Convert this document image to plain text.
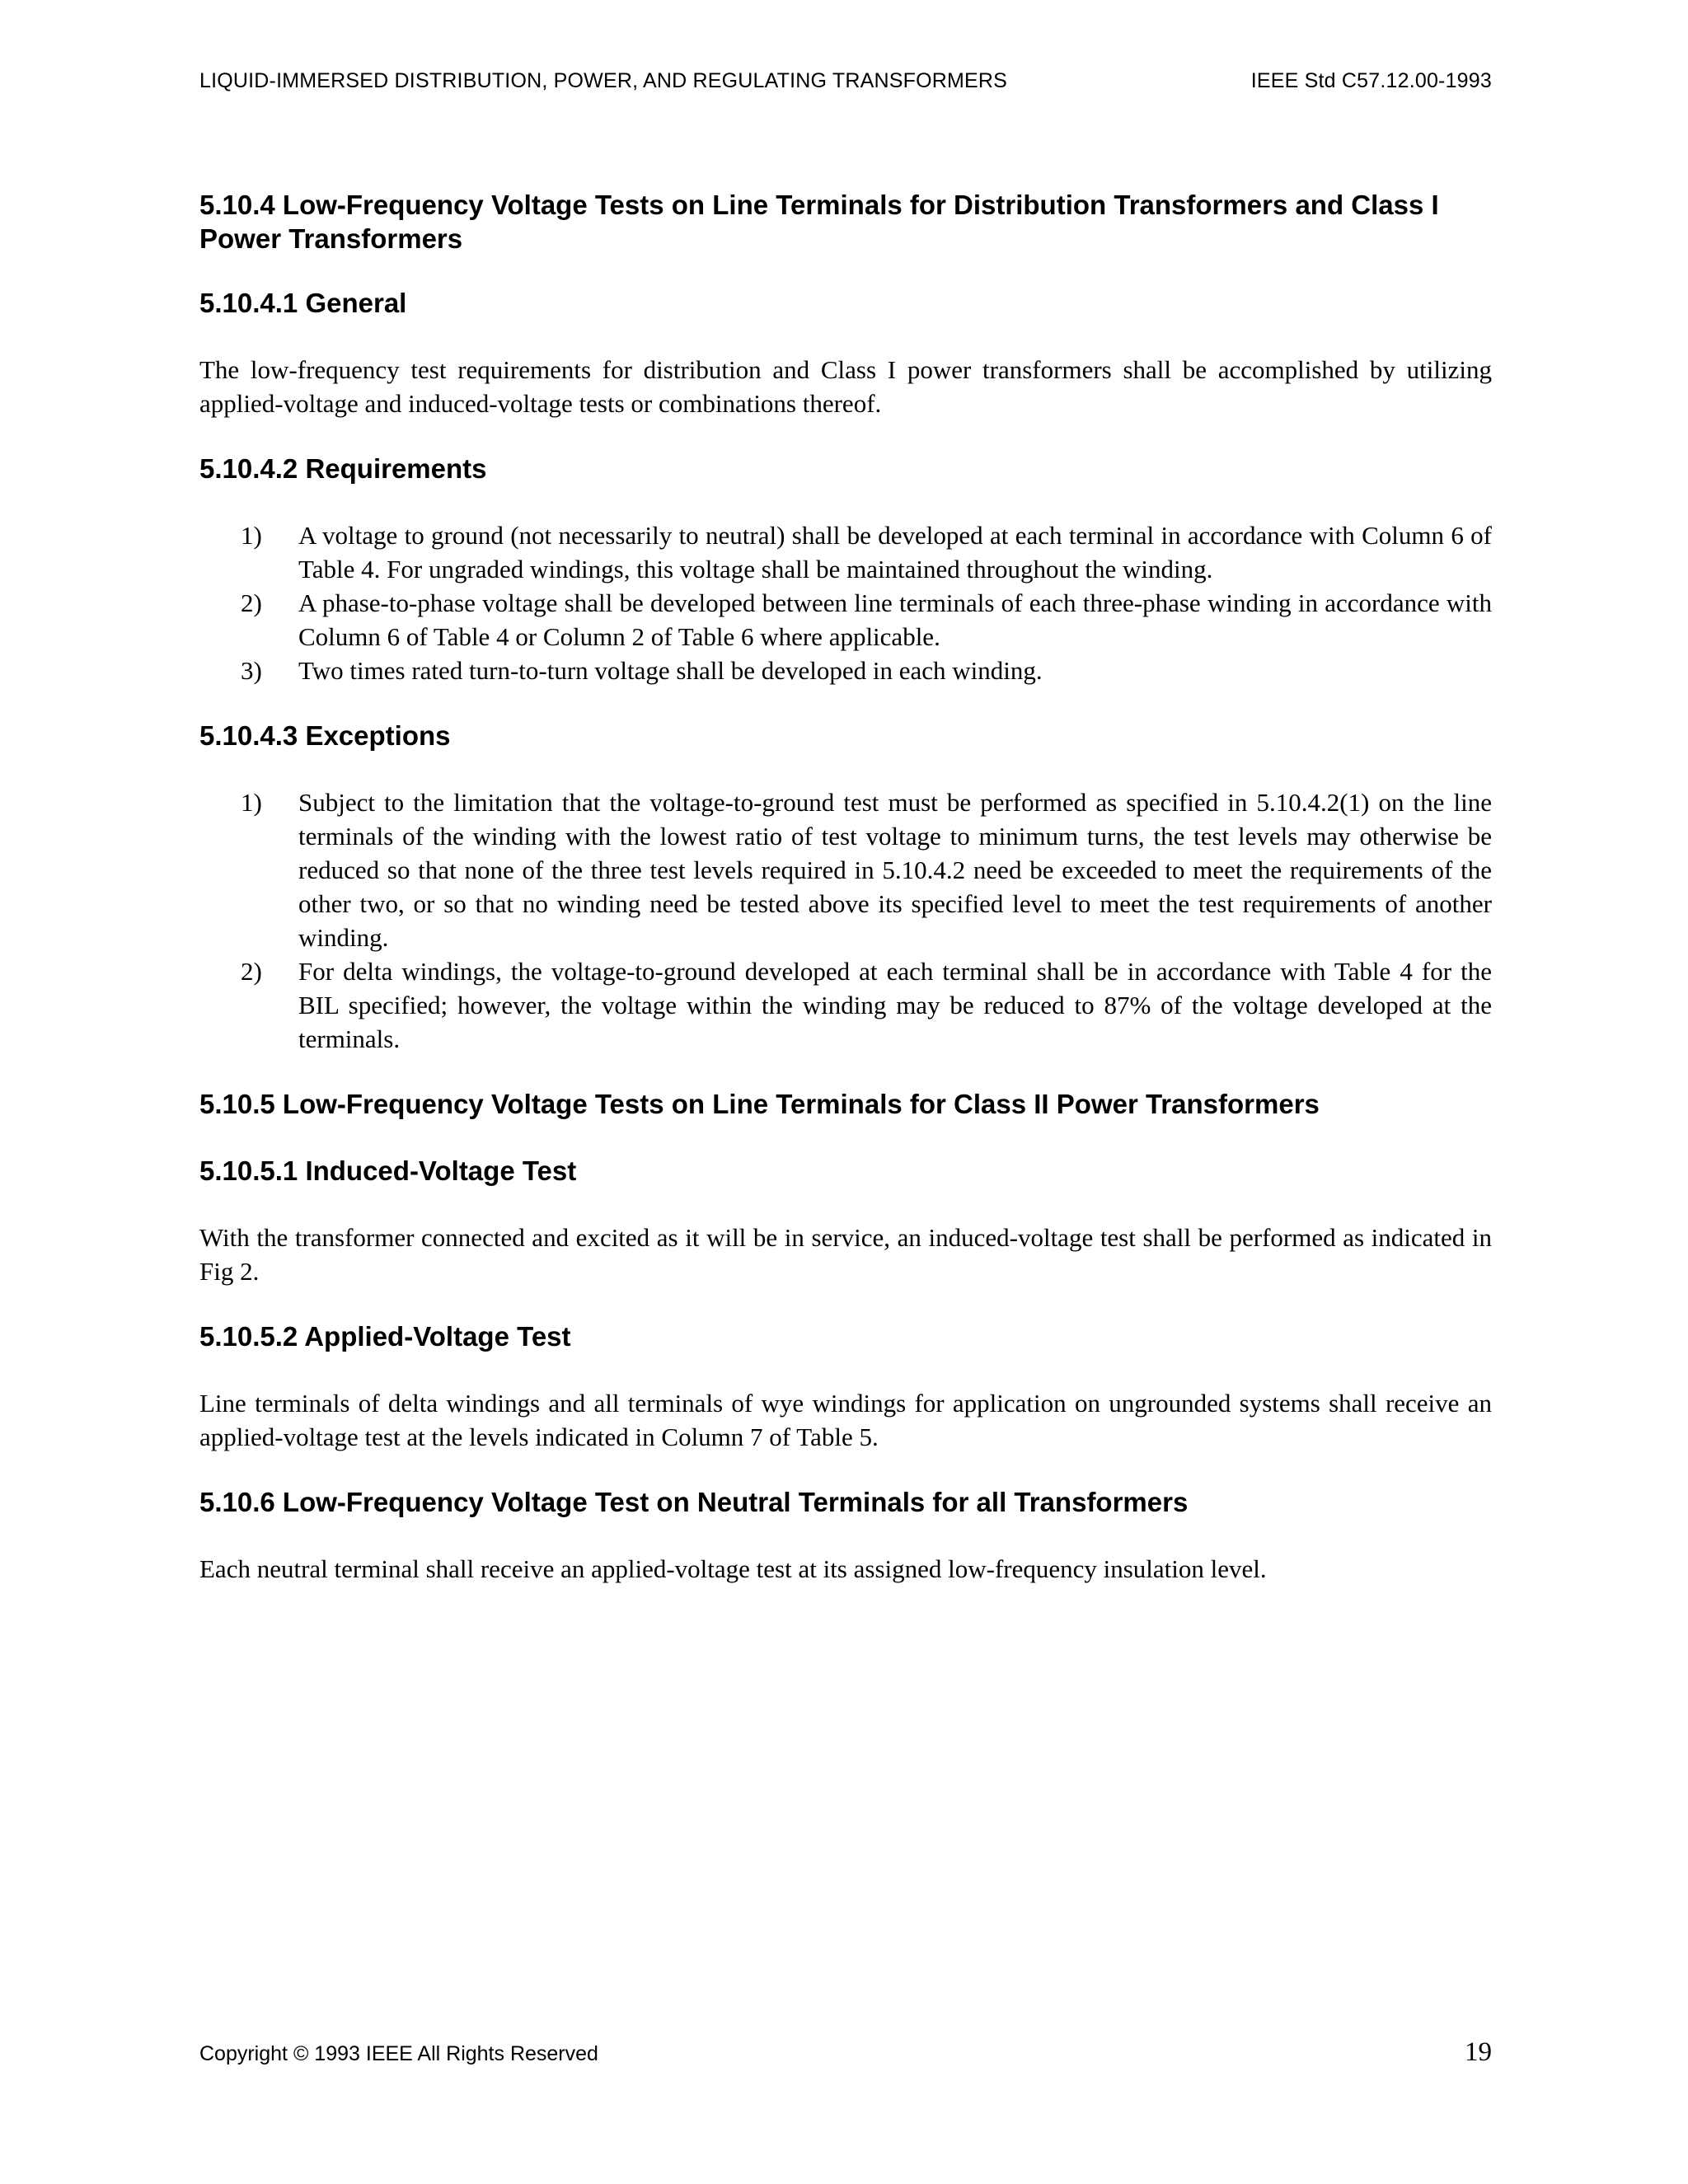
LIQUID-IMMERSED DISTRIBUTION, POWER, AND REGULATING TRANSFORMERS	IEEE Std C57.12.00-1993
5.10.4 Low-Frequency Voltage Tests on Line Terminals for Distribution Transformers and Class I Power Transformers
5.10.4.1 General

The low-frequency test requirements for distribution and Class I power transformers shall be accomplished by utilizing applied-voltage and induced-voltage tests or combinations thereof.

5.10.4.2 Requirements
1) A voltage to ground (not necessarily to neutral) shall be developed at each terminal in accordance with Column 6 of Table 4. For ungraded windings, this voltage shall be maintained throughout the winding.
2) A phase-to-phase voltage shall be developed between line terminals of each three-phase winding in accordance with Column 6 of Table 4 or Column 2 of Table 6 where applicable.
3) Two times rated turn-to-turn voltage shall be developed in each winding.
5.10.4.3 Exceptions
1) Subject to the limitation that the voltage-to-ground test must be performed as specified in 5.10.4.2(1) on the line terminals of the winding with the lowest ratio of test voltage to minimum turns, the test levels may otherwise be reduced so that none of the three test levels required in 5.10.4.2 need be exceeded to meet the requirements of the other two, or so that no winding need be tested above its specified level to meet the test requirements of another winding.
2) For delta windings, the voltage-to-ground developed at each terminal shall be in accordance with Table 4 for the BIL specified; however, the voltage within the winding may be reduced to 87% of the voltage developed at the terminals.
5.10.5 Low-Frequency Voltage Tests on Line Terminals for Class II Power Transformers
5.10.5.1 Induced-Voltage Test

With the transformer connected and excited as it will be in service, an induced-voltage test shall be performed as indicated in Fig 2.

5.10.5.2 Applied-Voltage Test

Line terminals of delta windings and all terminals of wye windings for application on ungrounded systems shall receive an applied-voltage test at the levels indicated in Column 7 of Table 5.

5.10.6 Low-Frequency Voltage Test on Neutral Terminals for all Transformers

Each neutral terminal shall receive an applied-voltage test at its assigned low-frequency insulation level.

Copyright © 1993 IEEE All Rights Reserved	19
